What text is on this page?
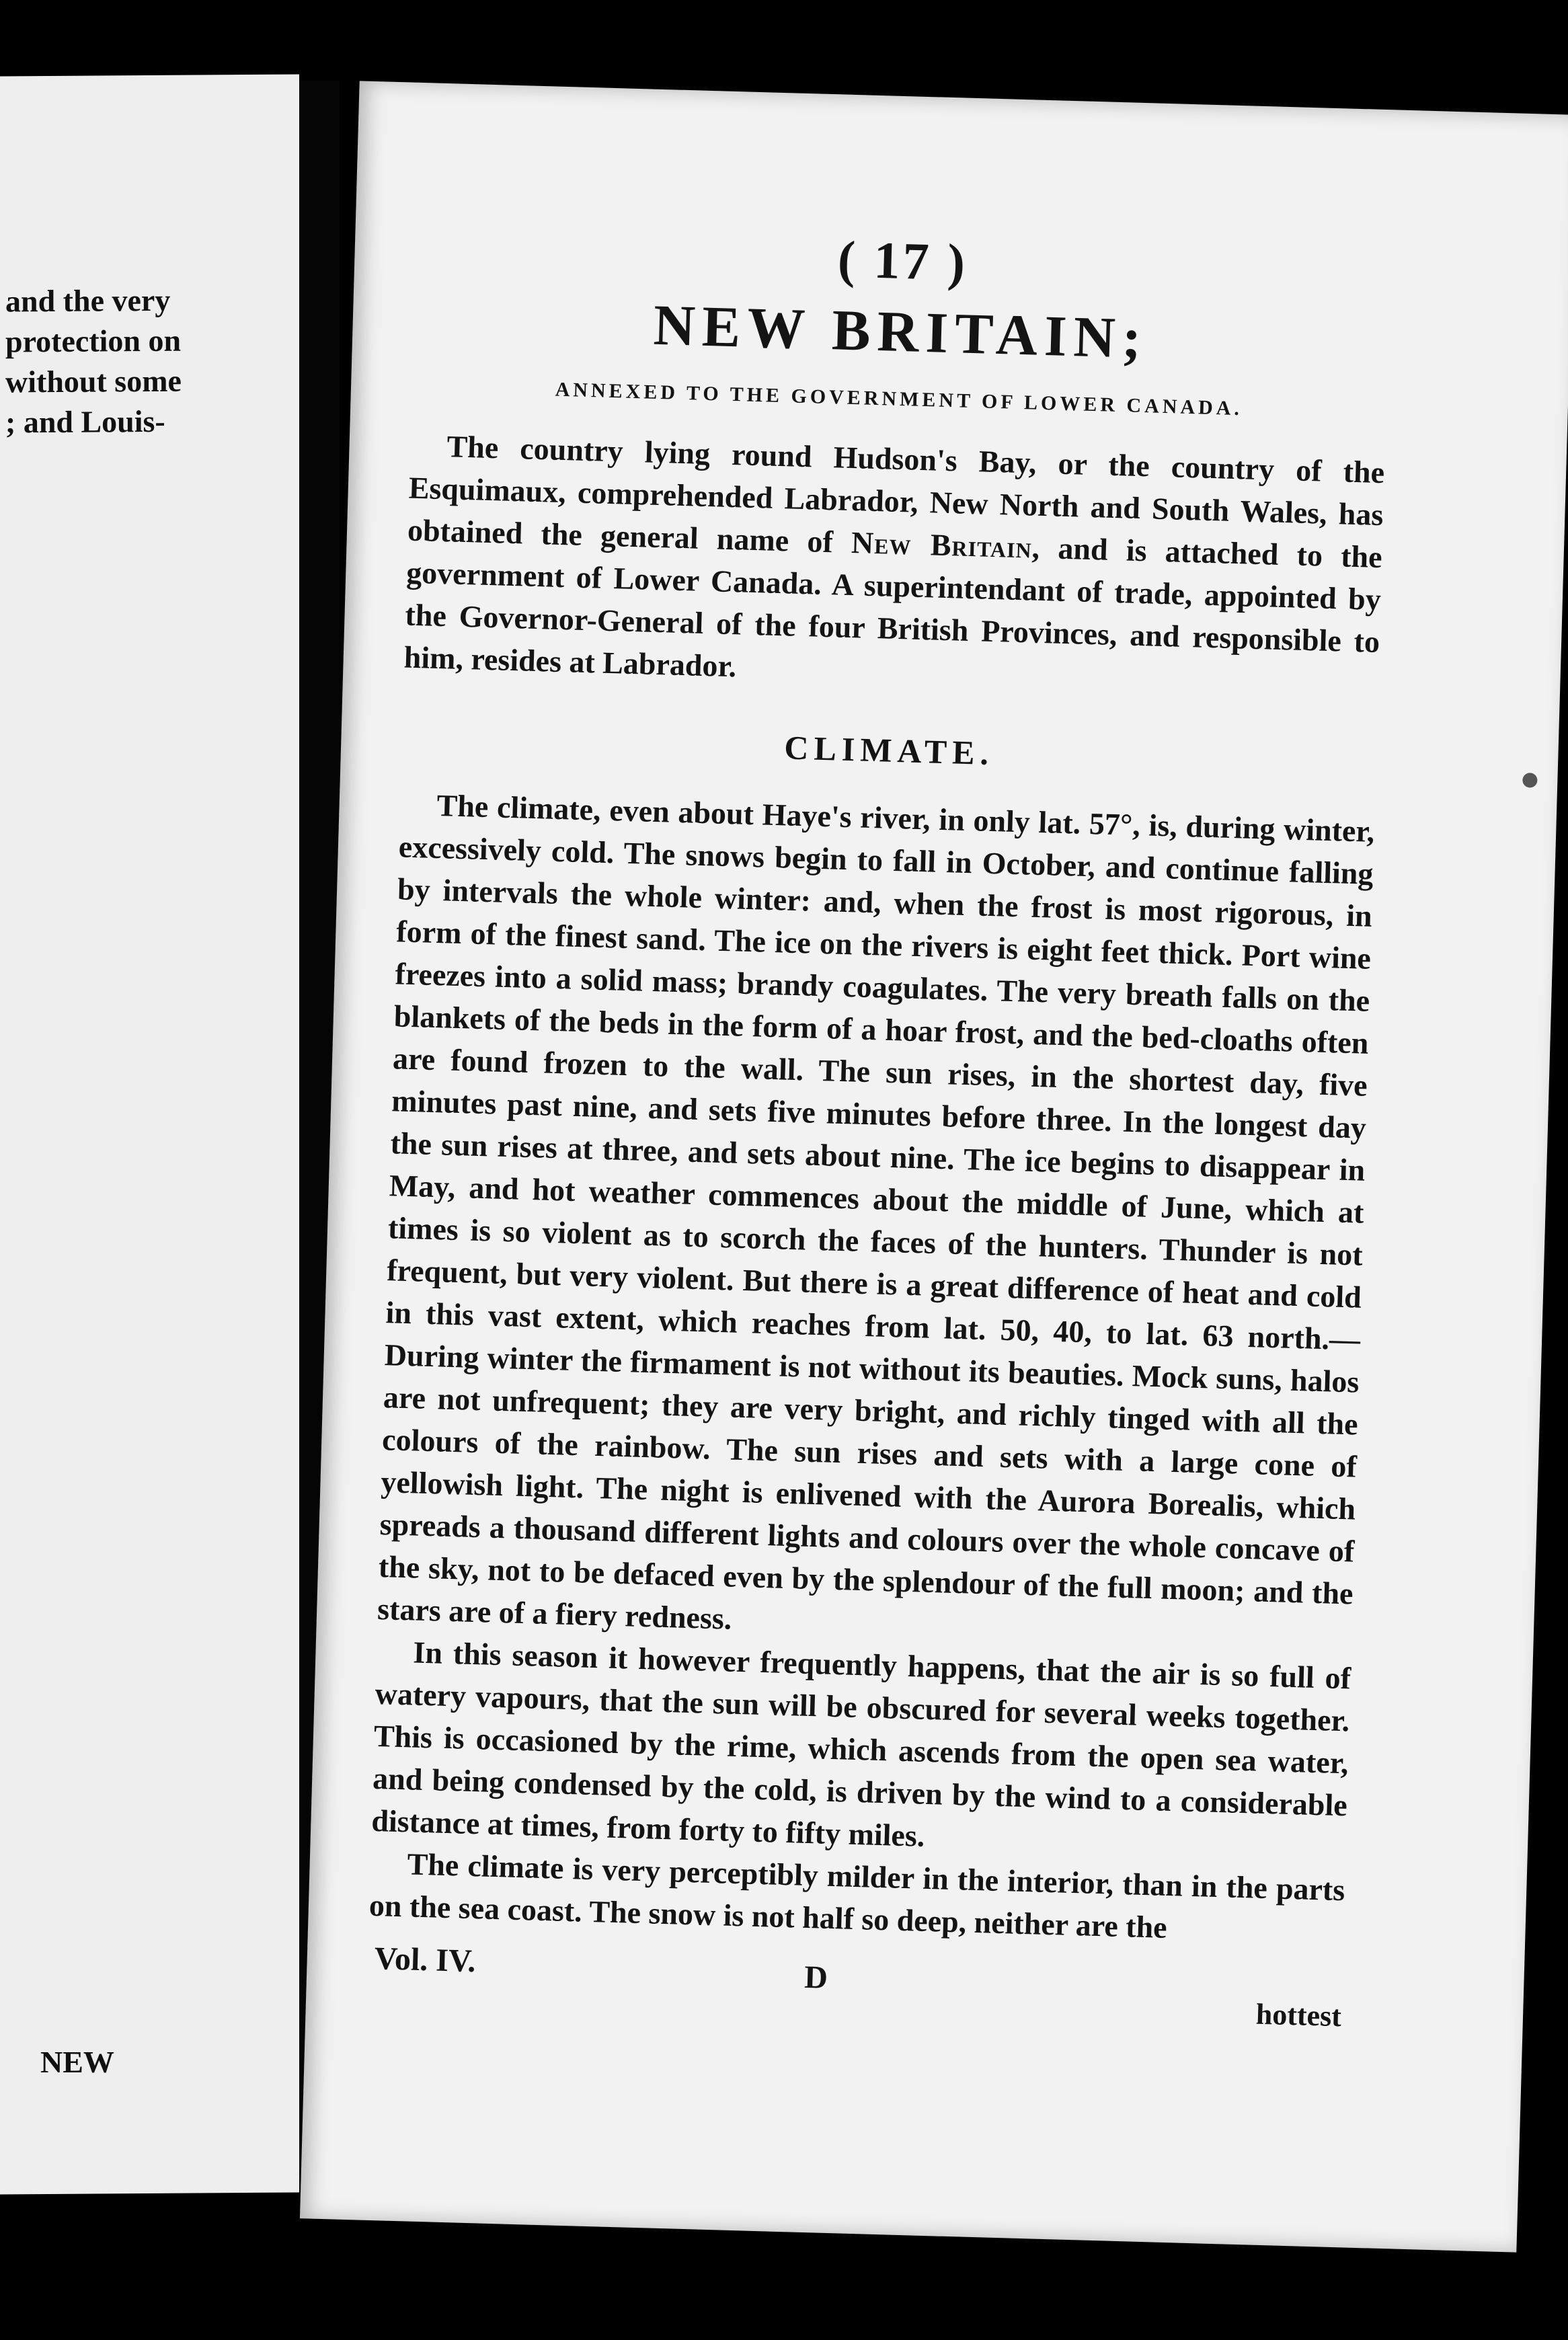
and the very
protection on
without some
; and Louis-
NEW
( 17 )
NEW BRITAIN;
ANNEXED TO THE GOVERNMENT OF LOWER CANADA.

The country lying round Hudson's Bay, or the country of the Esquimaux, comprehended Labrador, New North and South Wales, has obtained the general name of New Britain, and is attached to the government of Lower Canada. A superintendant of trade, appointed by the Governor-General of the four British Provinces, and responsible to him, resides at Labrador.

CLIMATE.

The climate, even about Haye's river, in only lat. 57°, is, during winter, excessively cold. The snows begin to fall in October, and continue falling by intervals the whole winter: and, when the frost is most rigorous, in form of the finest sand. The ice on the rivers is eight feet thick. Port wine freezes into a solid mass; brandy coagulates. The very breath falls on the blankets of the beds in the form of a hoar frost, and the bed-cloaths often are found frozen to the wall. The sun rises, in the shortest day, five minutes past nine, and sets five minutes before three. In the longest day the sun rises at three, and sets about nine. The ice begins to disappear in May, and hot weather commences about the middle of June, which at times is so violent as to scorch the faces of the hunters. Thunder is not frequent, but very violent. But there is a great difference of heat and cold in this vast extent, which reaches from lat. 50, 40, to lat. 63 north.—During winter the firmament is not without its beauties. Mock suns, halos are not unfrequent; they are very bright, and richly tinged with all the colours of the rainbow. The sun rises and sets with a large cone of yellowish light. The night is enlivened with the Aurora Borealis, which spreads a thousand different lights and colours over the whole concave of the sky, not to be defaced even by the splendour of the full moon; and the stars are of a fiery redness.

In this season it however frequently happens, that the air is so full of watery vapours, that the sun will be obscured for several weeks together. This is occasioned by the rime, which ascends from the open sea water, and being condensed by the cold, is driven by the wind to a considerable distance at times, from forty to fifty miles.

The climate is very perceptibly milder in the interior, than in the parts on the sea coast. The snow is not half so deep, neither are the

Vol. IV.	D
hottest
